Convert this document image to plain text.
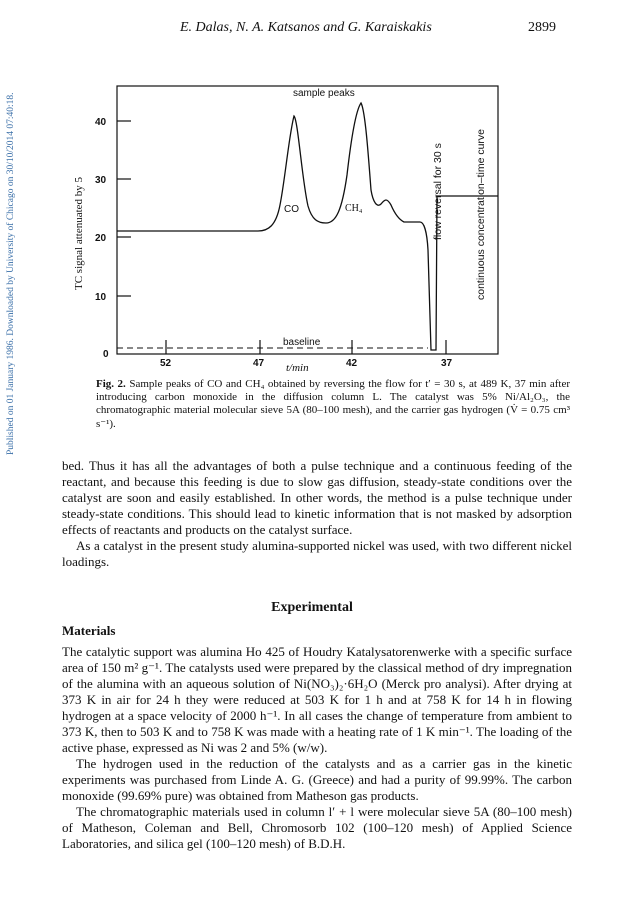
E. Dalas, N. A. Katsanos and G. Karaiskakis	2899
Published on 01 January 1986. Downloaded by University of Chicago on 30/10/2014 07:40:18.	40
30
20
10
0
TC signal attenuated by 5
52	47	42	37
t/min
sample peaks
CO	CH₄
baseline
flow reversal for 30 s	continuous concentration–time curve
Fig. 2. Sample peaks of CO and CH₄ obtained by reversing the flow for t′ = 30 s, at 489 K, 37 min after introducing carbon monoxide in the diffusion column L. The catalyst was 5% Ni/Al₂O₃, the chromatographic material molecular sieve 5A (80–100 mesh), and the carrier gas hydrogen (V̇ = 0.75 cm³ s⁻¹).

bed. Thus it has all the advantages of both a pulse technique and a continuous feeding of the reactant, and because this feeding is due to slow gas diffusion, steady-state conditions over the catalyst are soon and easily established. In other words, the method is a pulse technique under steady-state conditions. This should lead to kinetic information that is not masked by adsorption effects of reactants and products on the catalyst surface.

As a catalyst in the present study alumina-supported nickel was used, with two different nickel loadings.

Experimental
Materials

The catalytic support was alumina Ho 425 of Houdry Katalysatorenwerke with a specific surface area of 150 m² g⁻¹. The catalysts used were prepared by the classical method of dry impregnation of the alumina with an aqueous solution of Ni(NO₃)₂·6H₂O (Merck pro analysi). After drying at 373 K in air for 24 h they were reduced at 503 K for 1 h and at 758 K for 14 h in flowing hydrogen at a space velocity of 2000 h⁻¹. In all cases the change of temperature from ambient to 373 K, then to 503 K and to 758 K was made with a heating rate of 1 K min⁻¹. The loading of the active phase, expressed as Ni was 2 and 5% (w/w).

The hydrogen used in the reduction of the catalysts and as a carrier gas in the kinetic experiments was purchased from Linde A. G. (Greece) and had a purity of 99.99%. The carbon monoxide (99.69% pure) was obtained from Matheson gas products.

The chromatographic materials used in column l′ + l were molecular sieve 5A (80–100 mesh) of Matheson, Coleman and Bell, Chromosorb 102 (100–120 mesh) of Applied Science Laboratories, and silica gel (100–120 mesh) of B.D.H.
